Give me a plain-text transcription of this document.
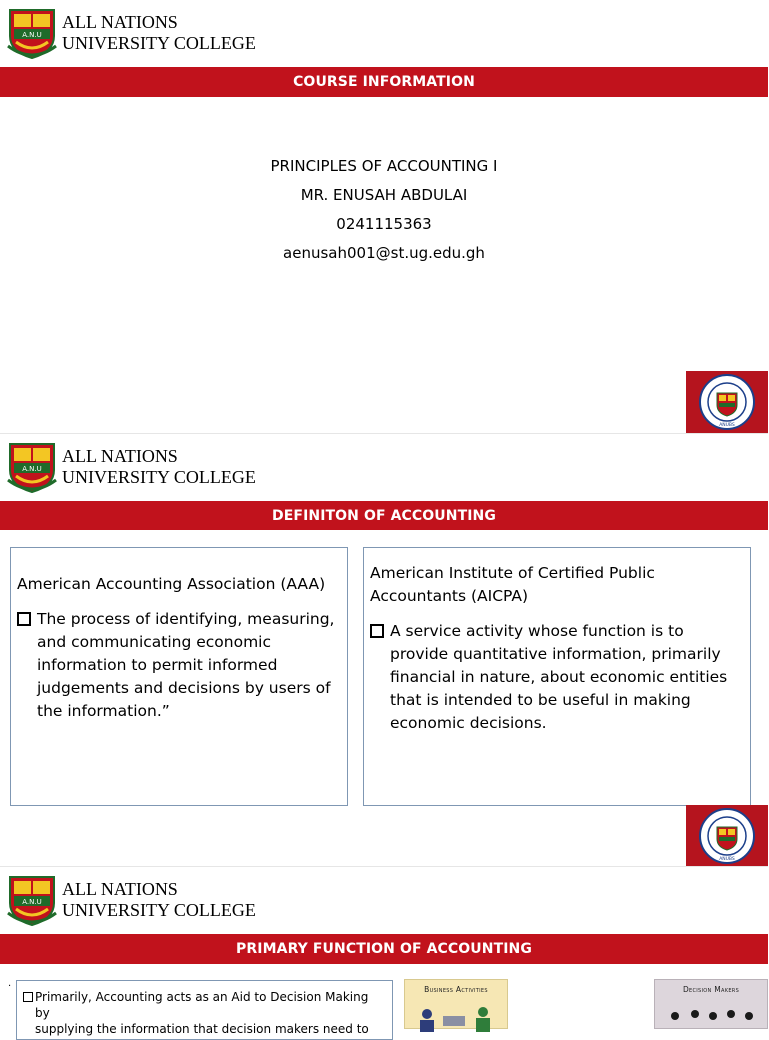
A.N.U
ALL NATIONS
UNIVERSITY COLLEGE
COURSE INFORMATION
PRINCIPLES OF ACCOUNTING I
MR. ENUSAH ABDULAI
0241115363
aenusah001@st.ug.edu.gh
ANUBS
A.N.U
ALL NATIONS
UNIVERSITY COLLEGE
DEFINITON OF ACCOUNTING
American Accounting Association (AAA)
The process of identifying, measuring, and communicating economic information to permit informed judgements and decisions by users of the information.”
American Institute of Certified Public Accountants (AICPA)
A service activity whose function is to provide quantitative information, primarily financial in nature, about economic entities that is intended to be useful in making economic decisions.
ANUBS
A.N.U
ALL NATIONS
UNIVERSITY COLLEGE
PRIMARY FUNCTION OF ACCOUNTING
.
Primarily, Accounting acts as an Aid to Decision Making by
supplying the information that decision makers need to
Business Activities	Decision Makers
